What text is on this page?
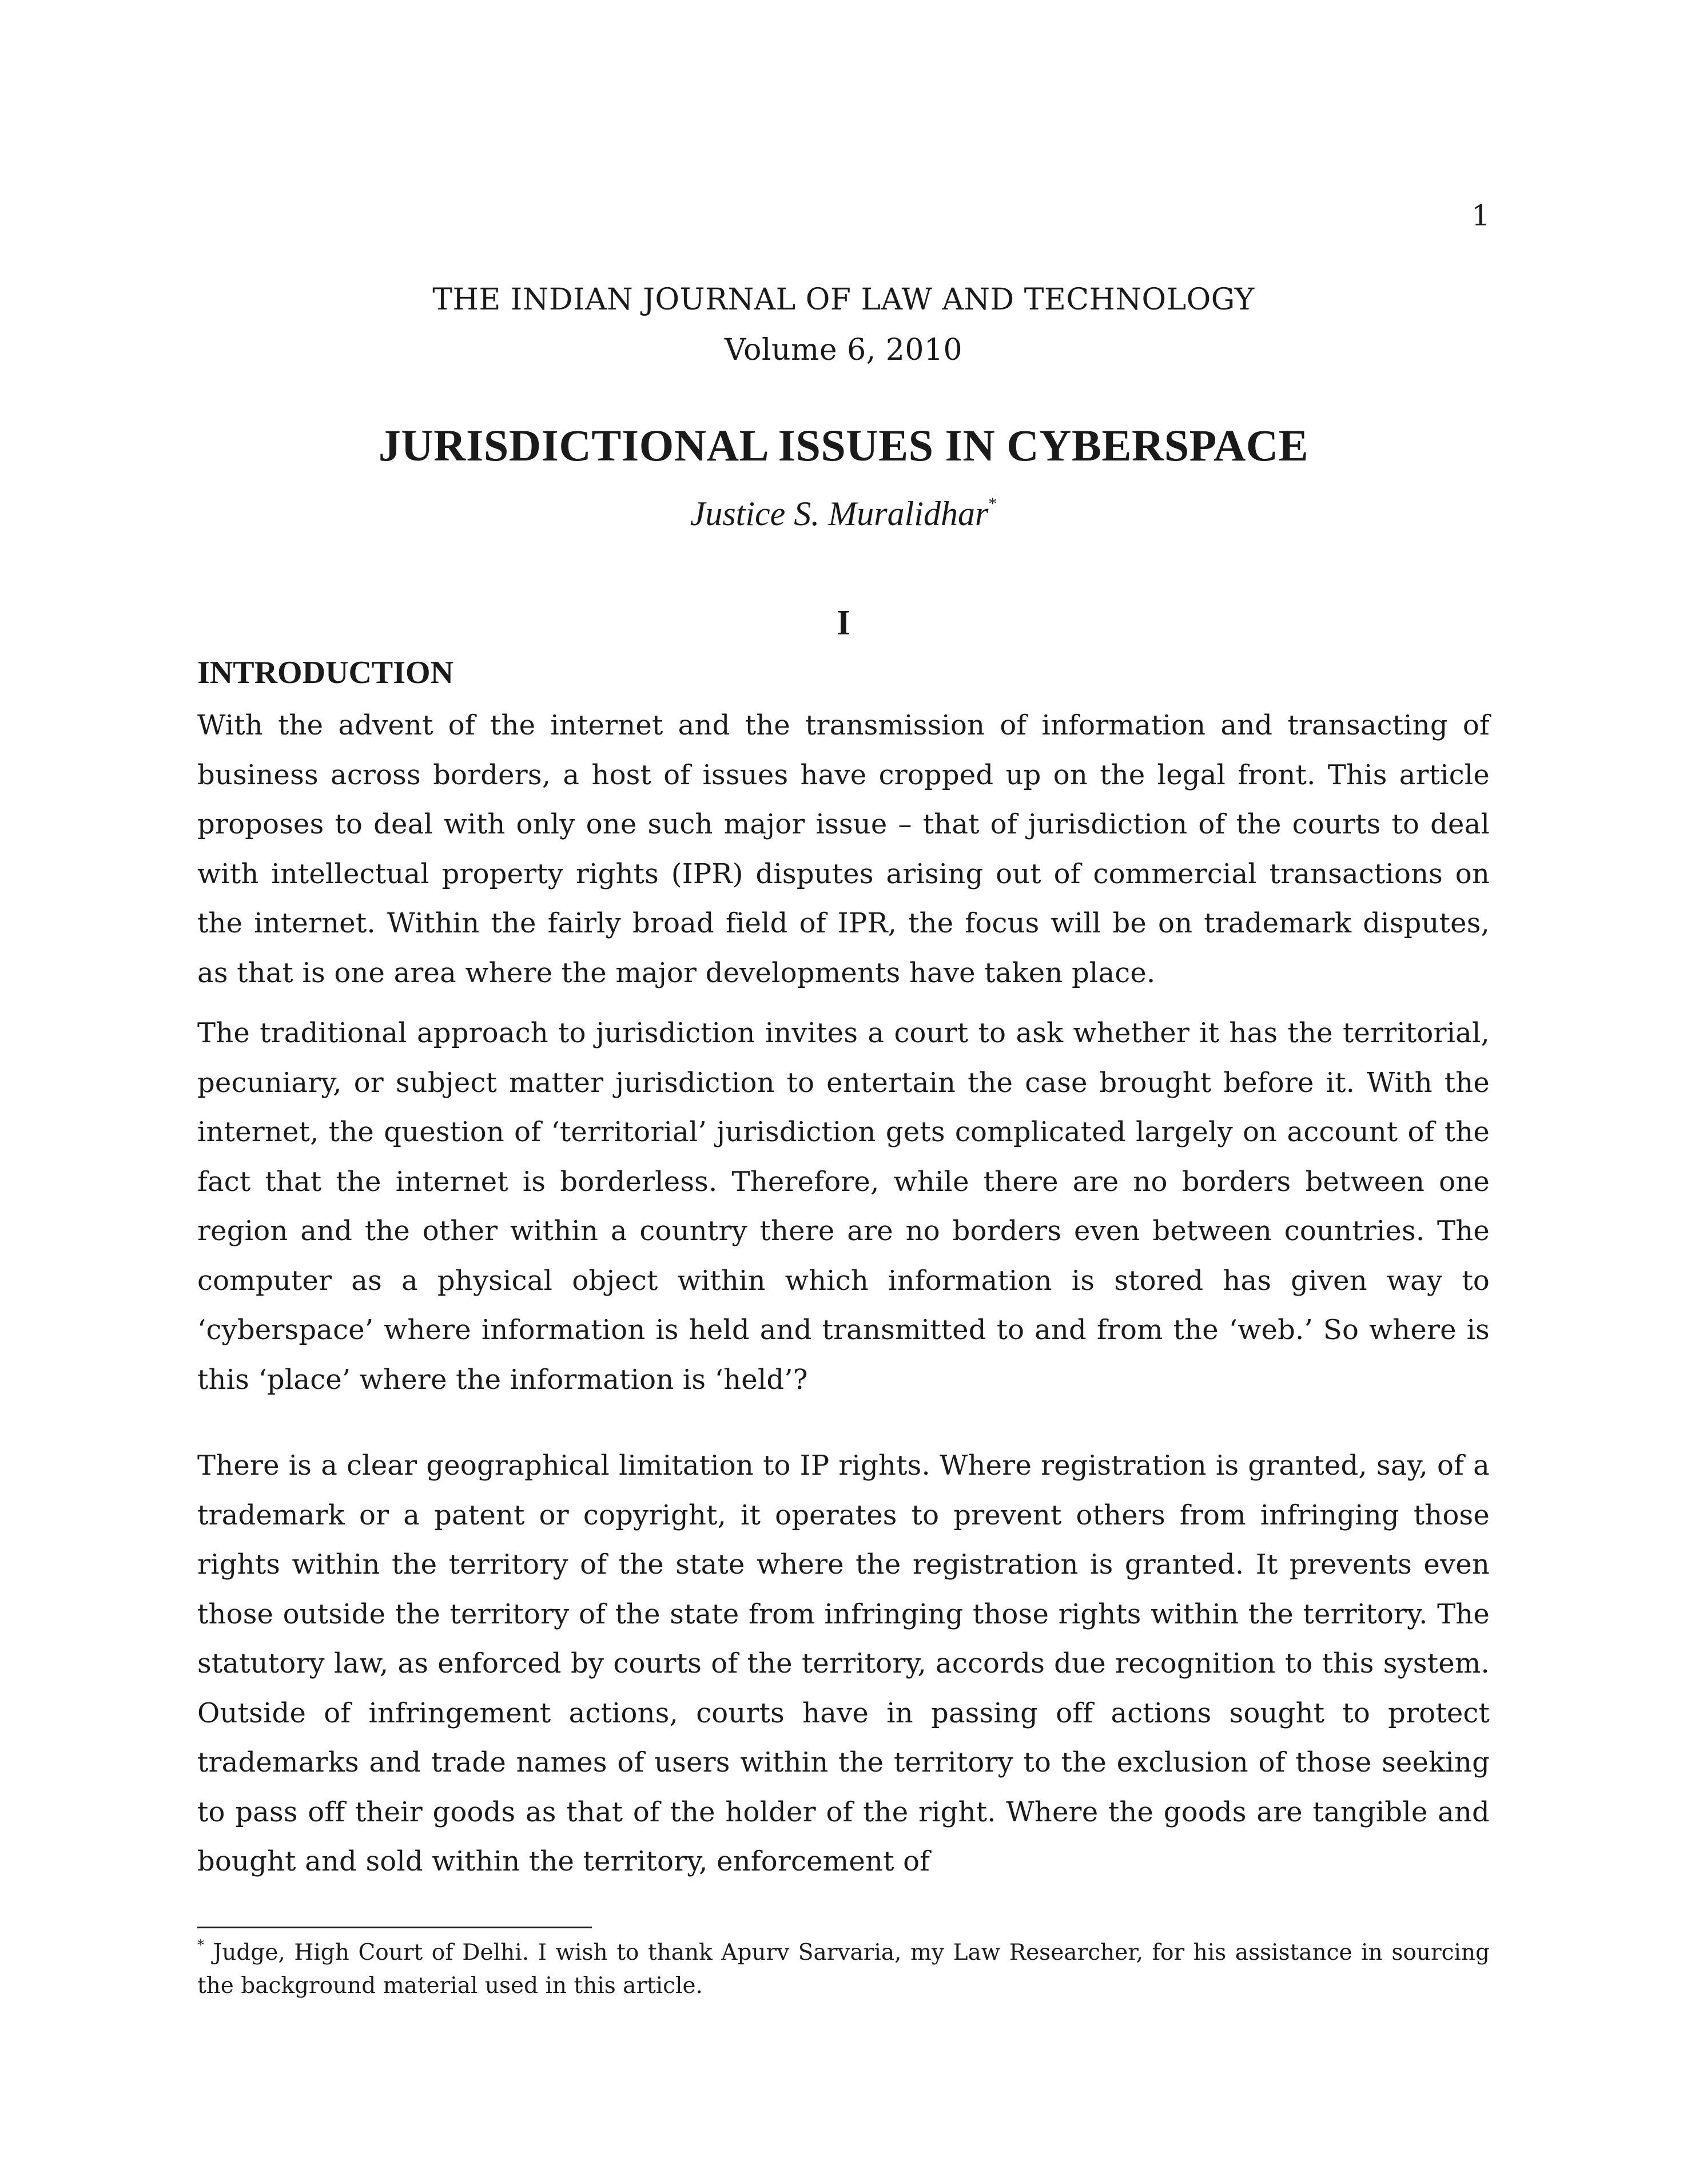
1
THE INDIAN JOURNAL OF LAW AND TECHNOLOGY
Volume 6, 2010
JURISDICTIONAL ISSUES IN CYBERSPACE
Justice S. Muralidhar*
I
INTRODUCTION

With the advent of the internet and the transmission of information and transacting of business across borders, a host of issues have cropped up on the legal front. This article proposes to deal with only one such major issue – that of jurisdiction of the courts to deal with intellectual property rights (IPR) disputes arising out of commercial transactions on the internet. Within the fairly broad field of IPR, the focus will be on trademark disputes, as that is one area where the major developments have taken place.

The traditional approach to jurisdiction invites a court to ask whether it has the territorial, pecuniary, or subject matter jurisdiction to entertain the case brought before it. With the internet, the question of ‘territorial’ jurisdiction gets complicated largely on account of the fact that the internet is borderless. Therefore, while there are no borders between one region and the other within a country there are no borders even between countries. The computer as a physical object within which information is stored has given way to ‘cyberspace’ where information is held and transmitted to and from the ‘web.’ So where is this ‘place’ where the information is ‘held’?

There is a clear geographical limitation to IP rights. Where registration is granted, say, of a trademark or a patent or copyright, it operates to prevent others from infringing those rights within the territory of the state where the registration is granted. It prevents even those outside the territory of the state from infringing those rights within the territory. The statutory law, as enforced by courts of the territory, accords due recognition to this system. Outside of infringement actions, courts have in passing off actions sought to protect trademarks and trade names of users within the territory to the exclusion of those seeking to pass off their goods as that of the holder of the right. Where the goods are tangible and bought and sold within the territory, enforcement of

* Judge, High Court of Delhi. I wish to thank Apurv Sarvaria, my Law Researcher, for his assistance in sourcing the background material used in this article.
